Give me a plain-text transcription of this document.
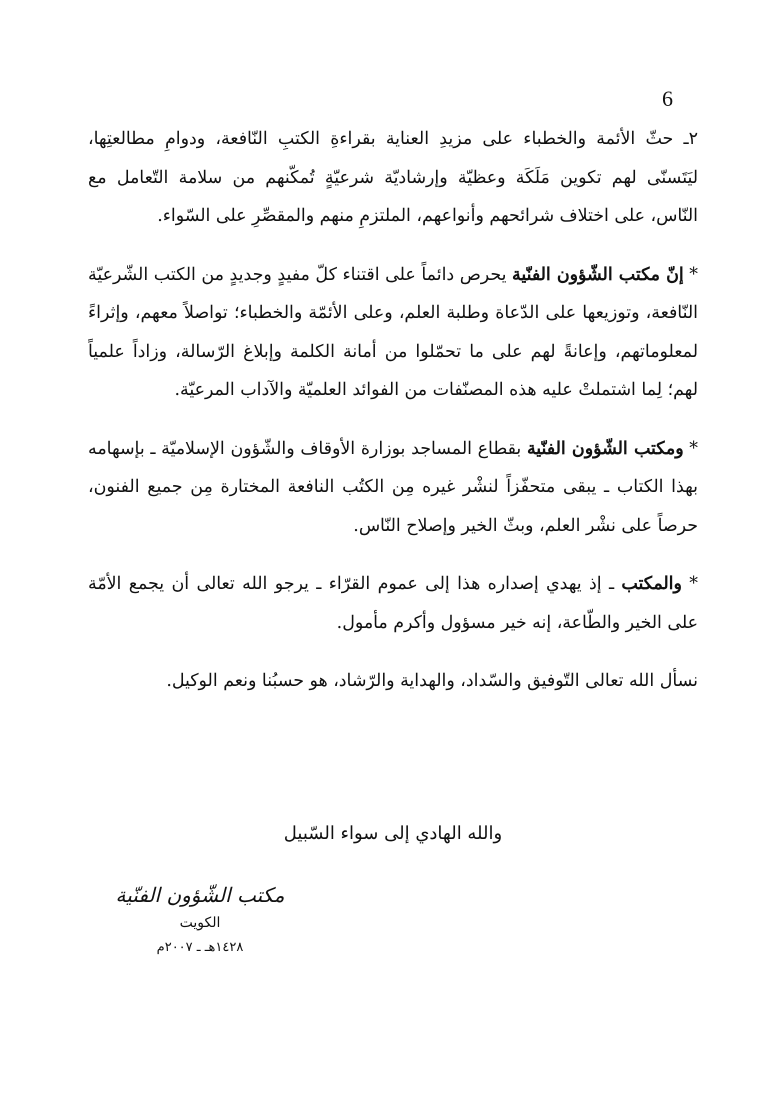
6

٢ـ حثّ الأئمة والخطباء على مزيدِ العناية بقراءةِ الكتبِ النّافعة، ودوامِ مطالعتِها، ليَتَسنّى لهم تكوين مَلَكَة وعظيّة وإرشاديّة شرعيّةٍ تُمكّنهم من سلامة التّعامل مع النّاس، على اختلاف شرائحهم وأنواعهم، الملتزمِ منهم والمقصِّرِ على السّواء.

* إنّ مكتب الشّؤون الفنّية يحرص دائماً على اقتناء كلّ مفيدٍ وجديدٍ من الكتب الشّرعيّة النّافعة، وتوزيعها على الدّعاة وطلبة العلم، وعلى الأئمّة والخطباء؛ تواصلاً معهم، وإثراءً لمعلوماتهم، وإعانةً لهم على ما تحمّلوا من أمانة الكلمة وإبلاغ الرّسالة، وزاداً علمياً لهم؛ لِما اشتملتْ عليه هذه المصنّفات من الفوائد العلميّة والآداب المرعيّة.

* ومكتب الشّؤون الفنّية بقطاع المساجد بوزارة الأوقاف والشّؤون الإسلاميّة ـ بإسهامه بهذا الكتاب ـ يبقى متحفّزاً لنشْر غيره مِن الكتُب النافعة المختارة مِن جميع الفنون، حرصاً على نشْر العلم، وبثّ الخير وإصلاح النّاس.

* والمكتب ـ إذ يهدي إصداره هذا إلى عموم القرّاء ـ يرجو الله تعالى أن يجمع الأمّة على الخير والطّاعة، إنه خير مسؤول وأكرم مأمول.

نسأل الله تعالى التّوفيق والسّداد، والهداية والرّشاد، هو حسبُنا ونعم الوكيل.

والله الهادي إلى سواء السّبيل
مكتب الشّؤون الفنّية
الكويت
١٤٢٨هـ ـ ٢٠٠٧م
